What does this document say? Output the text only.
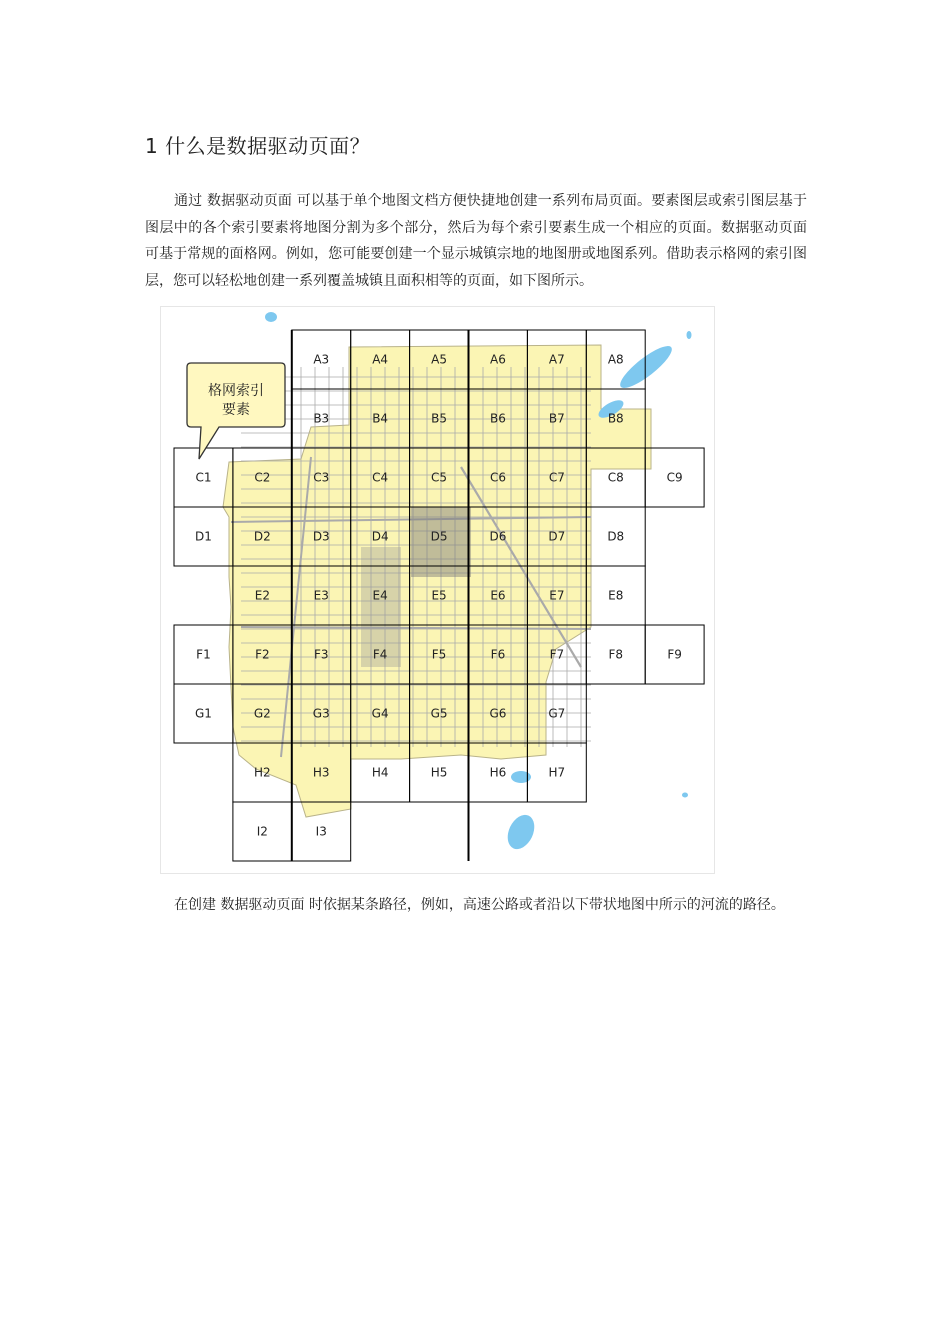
1 什么是数据驱动页面？

通过 数据驱动页面 可以基于单个地图文档方便快捷地创建一系列布局页面。要素图层或索引图层基于图层中的各个索引要素将地图分割为多个部分，然后为每个索引要素生成一个相应的页面。数据驱动页面 可基于常规的面格网。例如，您可能要创建一个显示城镇宗地的地图册或地图系列。借助表示格网的索引图层，您可以轻松地创建一系列覆盖城镇且面积相等的页面，如下图所示。

A3	A4	A5	A6	A7	A8
B3	B4	B5	B6	B7	B8
C1	C2	C3	C4	C5	C6	C7	C8	C9
D1	D2	D3	D4	D5	D6	D7	D8
E2	E3	E4	E5	E6	E7	E8
F1	F2	F3	F4	F5	F6	F7	F8	F9
G1	G2	G3	G4	G5	G6	G7
H2	H3	H4	H5	H6	H7
I2	I3
格网索引
要素

在创建 数据驱动页面 时依据某条路径，例如，高速公路或者沿以下带状地图中所示的河流的路径。
